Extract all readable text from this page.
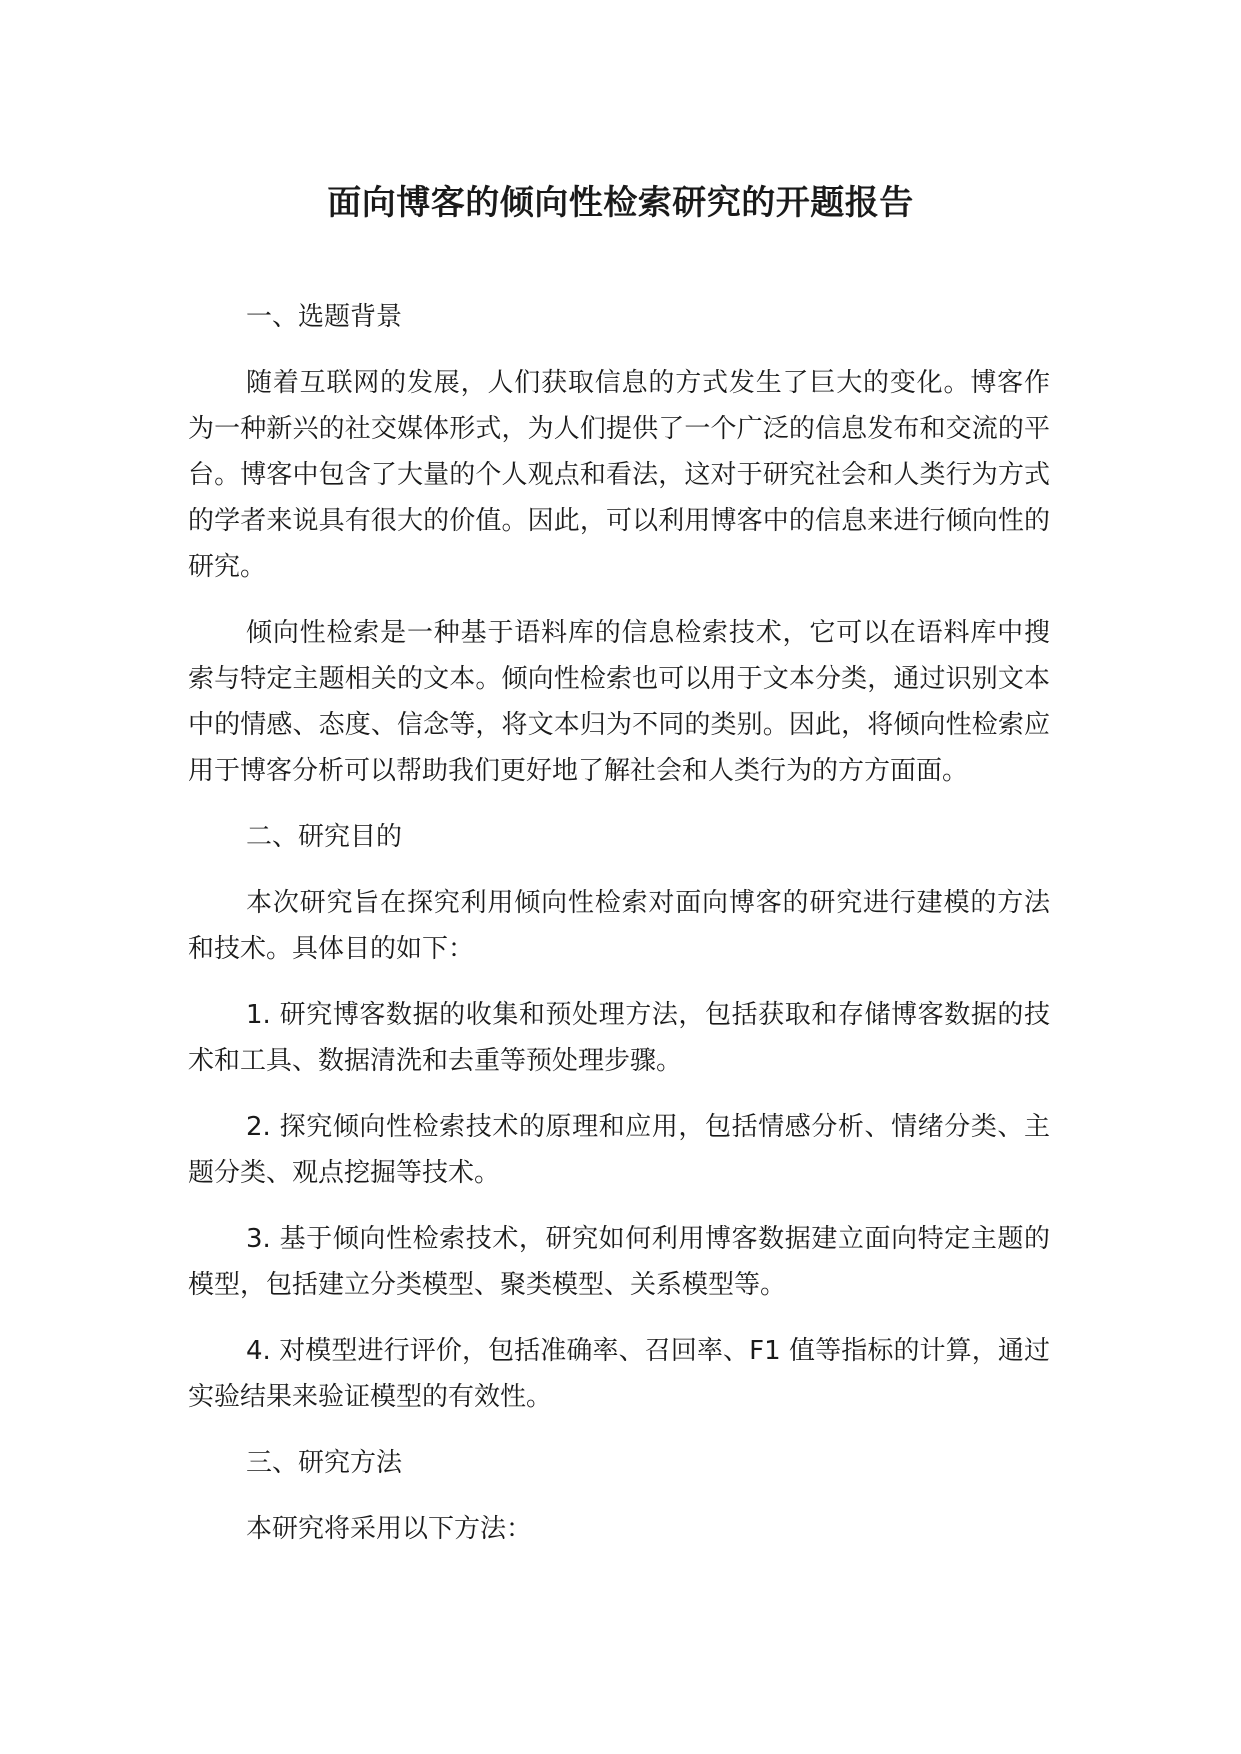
面向博客的倾向性检索研究的开题报告

一、选题背景

随着互联网的发展，人们获取信息的方式发生了巨大的变化。博客作为一种新兴的社交媒体形式，为人们提供了一个广泛的信息发布和交流的平台。博客中包含了大量的个人观点和看法，这对于研究社会和人类行为方式的学者来说具有很大的价值。因此，可以利用博客中的信息来进行倾向性的研究。

倾向性检索是一种基于语料库的信息检索技术，它可以在语料库中搜索与特定主题相关的文本。倾向性检索也可以用于文本分类，通过识别文本中的情感、态度、信念等，将文本归为不同的类别。因此，将倾向性检索应用于博客分析可以帮助我们更好地了解社会和人类行为的方方面面。

二、研究目的

本次研究旨在探究利用倾向性检索对面向博客的研究进行建模的方法和技术。具体目的如下：

1. 研究博客数据的收集和预处理方法，包括获取和存储博客数据的技术和工具、数据清洗和去重等预处理步骤。

2. 探究倾向性检索技术的原理和应用，包括情感分析、情绪分类、主题分类、观点挖掘等技术。

3. 基于倾向性检索技术，研究如何利用博客数据建立面向特定主题的模型，包括建立分类模型、聚类模型、关系模型等。

4. 对模型进行评价，包括准确率、召回率、F1 值等指标的计算，通过实验结果来验证模型的有效性。

三、研究方法

本研究将采用以下方法：
